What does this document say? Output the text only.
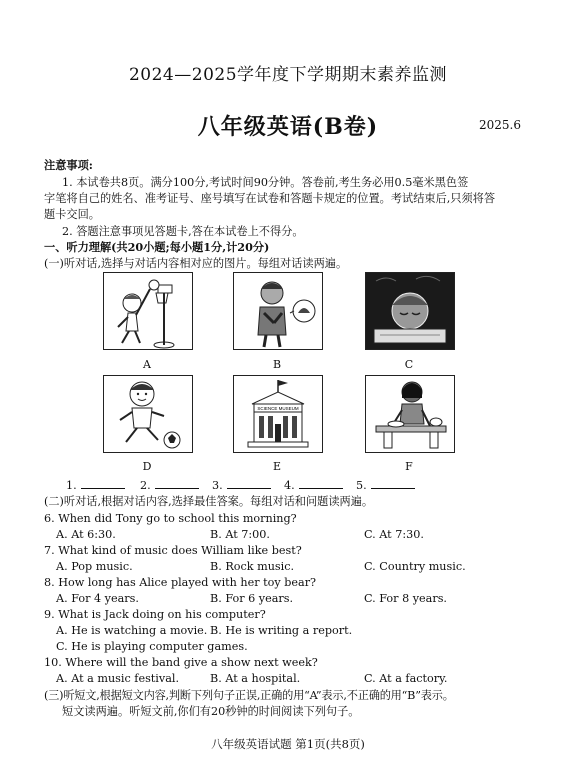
2024—2025学年度下学期期末素养监测
八年级英语(B卷)	2025.6
注意事项:
1. 本试卷共8页。满分100分,考试时间90分钟。答卷前,考生务必用0.5毫米黑色签
字笔将自己的姓名、准考证号、座号填写在试卷和答题卡规定的位置。考试结束后,只须将答
题卡交回。
2. 答题注意事项见答题卡,答在本试卷上不得分。
一、听力理解(共20小题;每小题1分,计20分)
(一)听对话,选择与对话内容相对应的图片。每组对话读两遍。
A	B	C
D
SCIENCE MUSEUM
E	F
1.	2.	3.	4.	5.
(二)听对话,根据对话内容,选择最佳答案。每组对话和问题读两遍。
6. When did Tony go to school this morning?
A. At 6:30.	B. At 7:00.	C. At 7:30.
7. What kind of music does William like best?
A. Pop music.	B. Rock music.	C. Country music.
8. How long has Alice played with her toy bear?
A. For 4 years.	B. For 6 years.	C. For 8 years.
9. What is Jack doing on his computer?
A. He is watching a movie. B. He is writing a report.
C. He is playing computer games.
10. Where will the band give a show next week?
A. At a music festival.	B. At a hospital.	C. At a factory.
(三)听短文,根据短文内容,判断下列句子正误,正确的用“A”表示,不正确的用“B”表示。
短文读两遍。听短文前,你们有20秒钟的时间阅读下列句子。
八年级英语试题 第1页(共8页)
